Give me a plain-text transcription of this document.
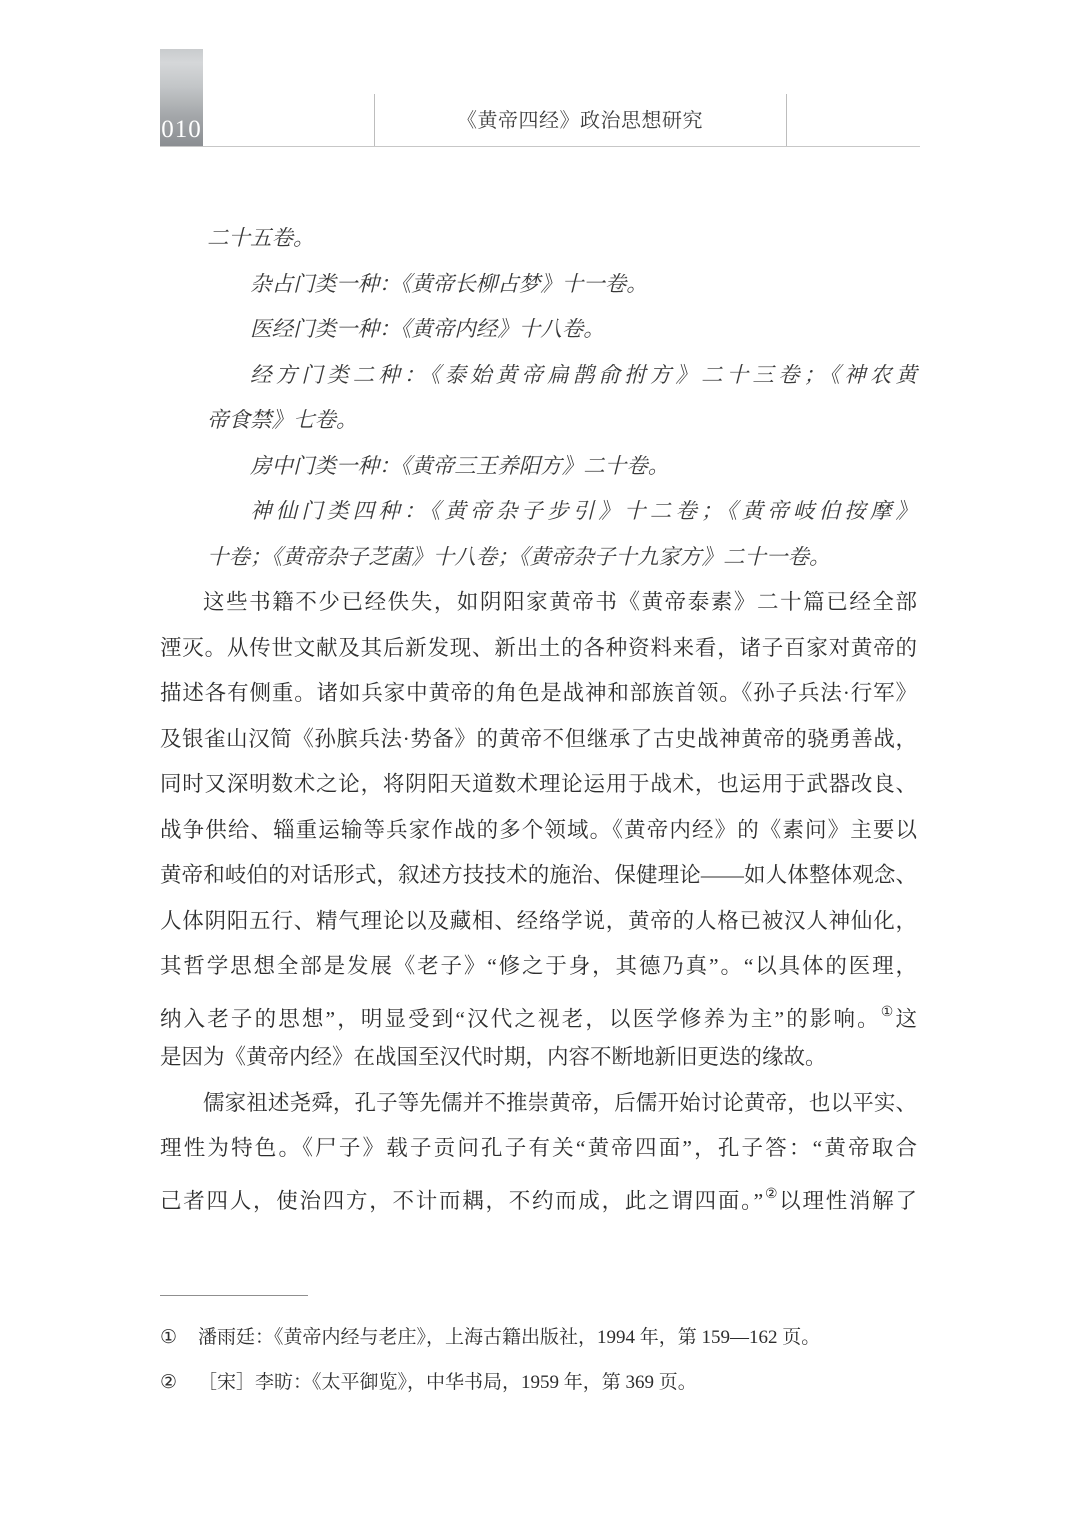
010	《黄帝四经》政治思想研究
二十五卷。
杂占门类一种：《黄帝长柳占梦》十一卷。
医经门类一种：《黄帝内经》十八卷。
经方门类二种：《泰始黄帝扁鹊俞拊方》二十三卷；《神农黄
帝食禁》七卷。
房中门类一种：《黄帝三王养阳方》二十卷。
神仙门类四种：《黄帝杂子步引》十二卷；《黄帝岐伯按摩》
十卷；《黄帝杂子芝菌》十八卷；《黄帝杂子十九家方》二十一卷。
这些书籍不少已经佚失，如阴阳家黄帝书《黄帝泰素》二十篇已经全部
湮灭。从传世文献及其后新发现、新出土的各种资料来看，诸子百家对黄帝的
描述各有侧重。诸如兵家中黄帝的角色是战神和部族首领。《孙子兵法·行军》
及银雀山汉简《孙膑兵法·势备》的黄帝不但继承了古史战神黄帝的骁勇善战，
同时又深明数术之论，将阴阳天道数术理论运用于战术，也运用于武器改良、
战争供给、辎重运输等兵家作战的多个领域。《黄帝内经》的《素问》主要以
黄帝和岐伯的对话形式，叙述方技技术的施治、保健理论——如人体整体观念、
人体阴阳五行、精气理论以及藏相、经络学说，黄帝的人格已被汉人神仙化，
其哲学思想全部是发展《老子》“修之于身，其德乃真”。“以具体的医理，
纳入老子的思想”，明显受到“汉代之视老，以医学修养为主”的影响。①这
是因为《黄帝内经》在战国至汉代时期，内容不断地新旧更迭的缘故。
儒家祖述尧舜，孔子等先儒并不推崇黄帝，后儒开始讨论黄帝，也以平实、
理性为特色。《尸子》载子贡问孔子有关“黄帝四面”，孔子答：“黄帝取合
己者四人，使治四方，不计而耦，不约而成，此之谓四面。”②以理性消解了
①	潘雨廷：《黄帝内经与老庄》，上海古籍出版社，1994 年，第 159—162 页。
②	［宋］李昉：《太平御览》，中华书局，1959 年，第 369 页。
